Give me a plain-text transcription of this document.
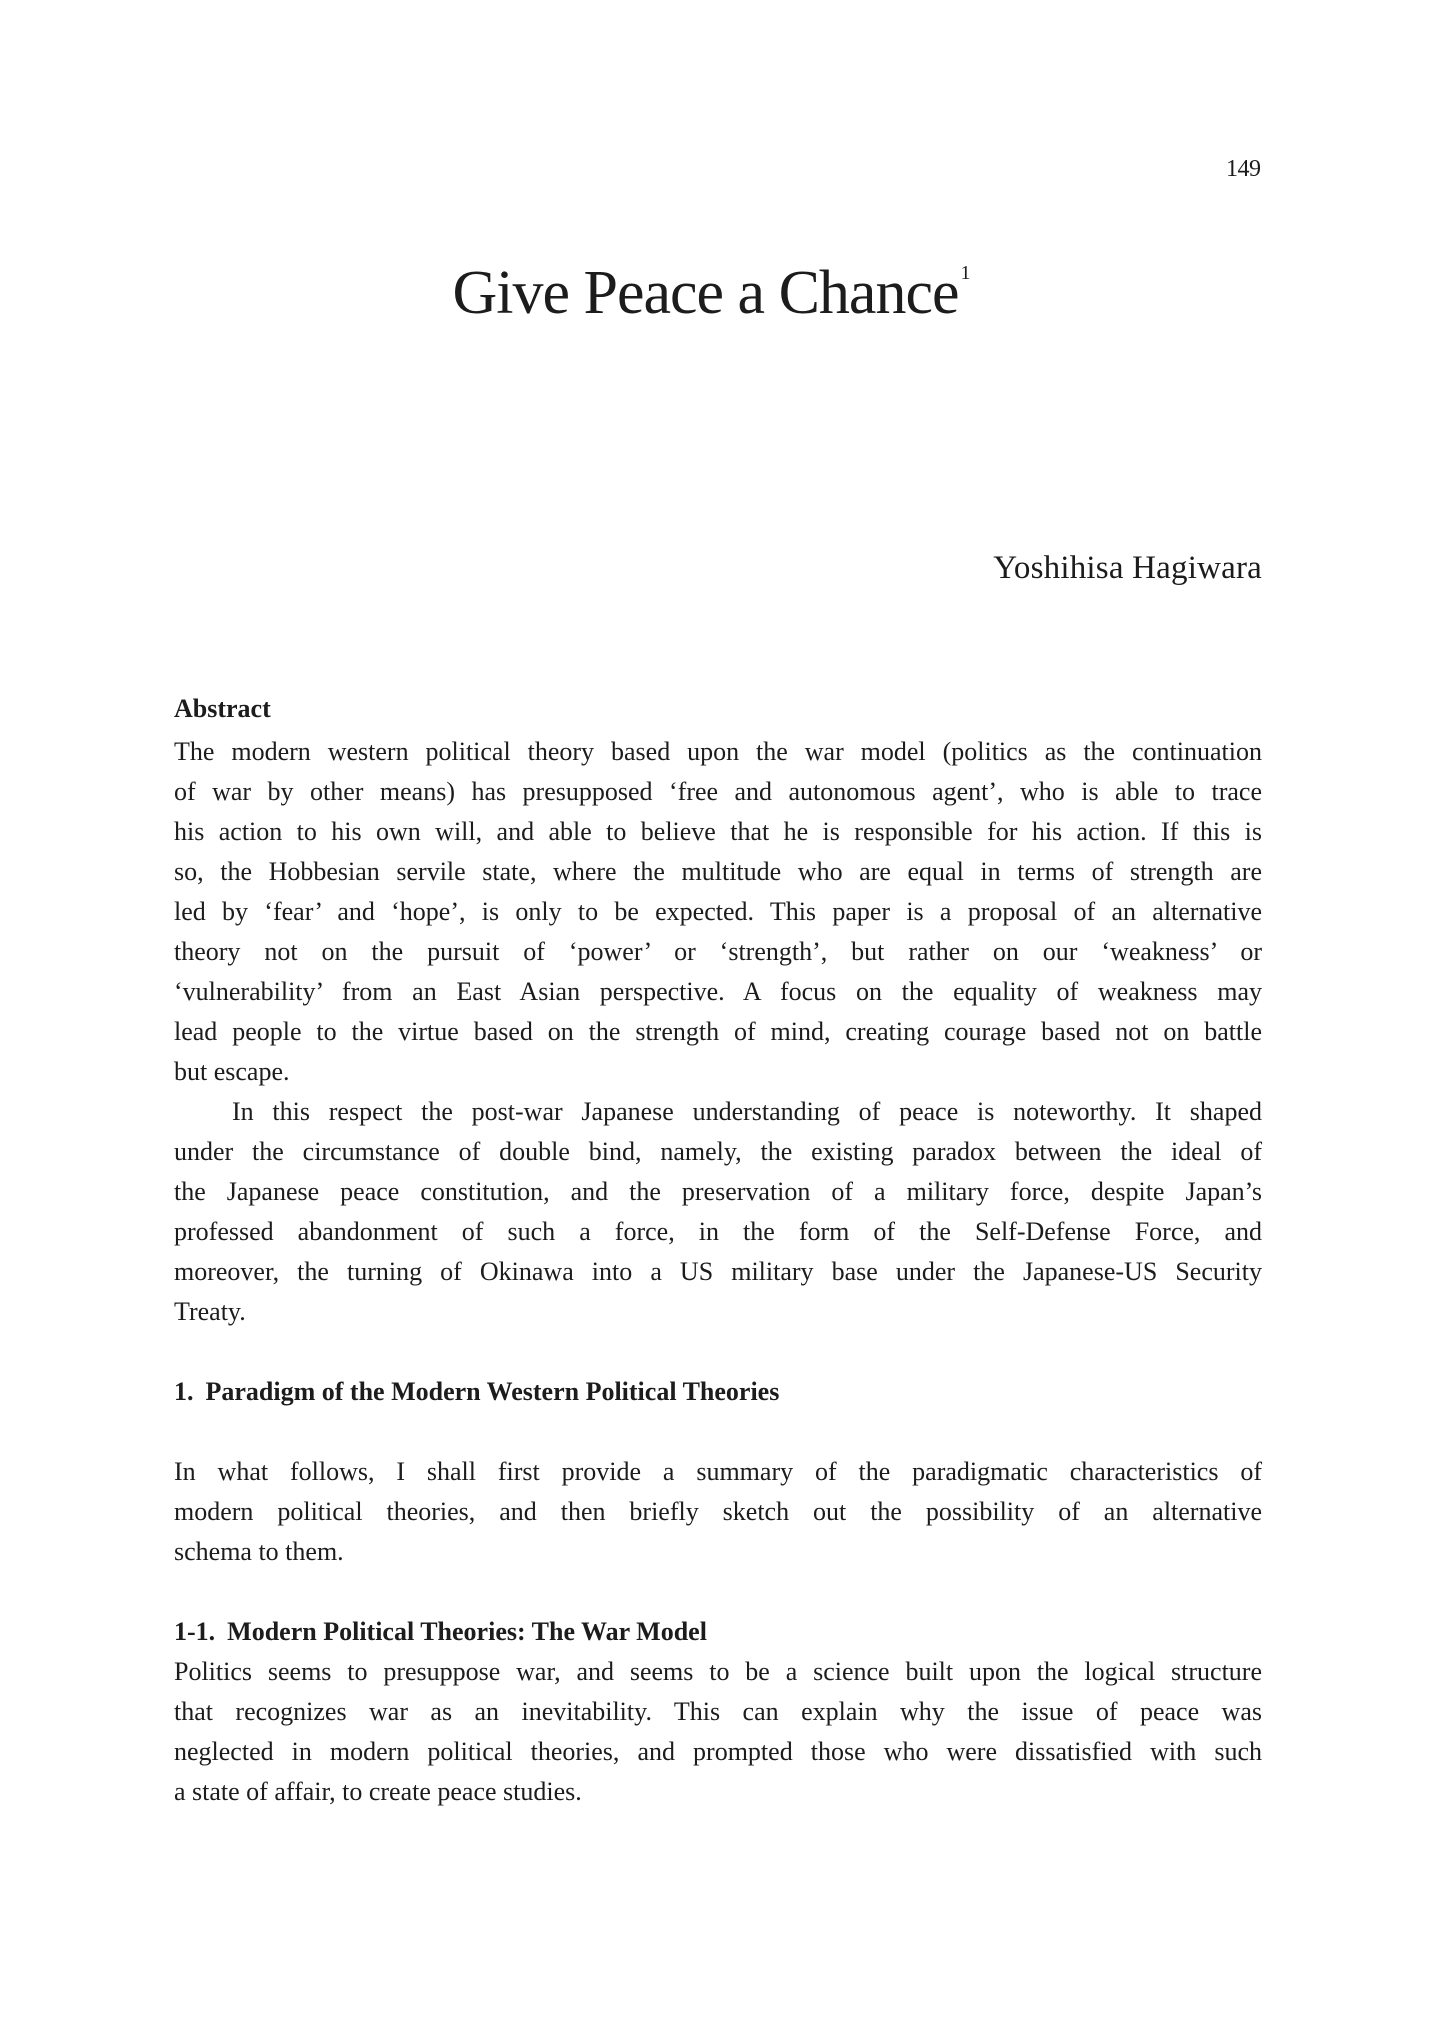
149
Give Peace a Chance $^1$
Yoshihisa Hagiwara
Abstract
The modern western political theory based upon the war model (politics as the continuation
of war by other means) has presupposed ‘free and autonomous agent’, who is able to trace
his action to his own will, and able to believe that he is responsible for his action. If this is
so, the Hobbesian servile state, where the multitude who are equal in terms of strength are
led by ‘fear’ and ‘hope’, is only to be expected. This paper is a proposal of an alternative
theory not on the pursuit of ‘power’ or ‘strength’, but rather on our ‘weakness’ or
‘vulnerability’ from an East Asian perspective. A focus on the equality of weakness may
lead people to the virtue based on the strength of mind, creating courage based not on battle
but escape.
In this respect the post-war Japanese understanding of peace is noteworthy. It shaped
under the circumstance of double bind, namely, the existing paradox between the ideal of
the Japanese peace constitution, and the preservation of a military force, despite Japan’s
professed abandonment of such a force, in the form of the Self-Defense Force, and
moreover, the turning of Okinawa into a US military base under the Japanese-US Security
Treaty.
1. Paradigm of the Modern Western Political Theories
In what follows, I shall first provide a summary of the paradigmatic characteristics of
modern political theories, and then briefly sketch out the possibility of an alternative
schema to them.
1-1. Modern Political Theories: The War Model
Politics seems to presuppose war, and seems to be a science built upon the logical structure
that recognizes war as an inevitability. This can explain why the issue of peace was
neglected in modern political theories, and prompted those who were dissatisfied with such
a state of affair, to create peace studies.
